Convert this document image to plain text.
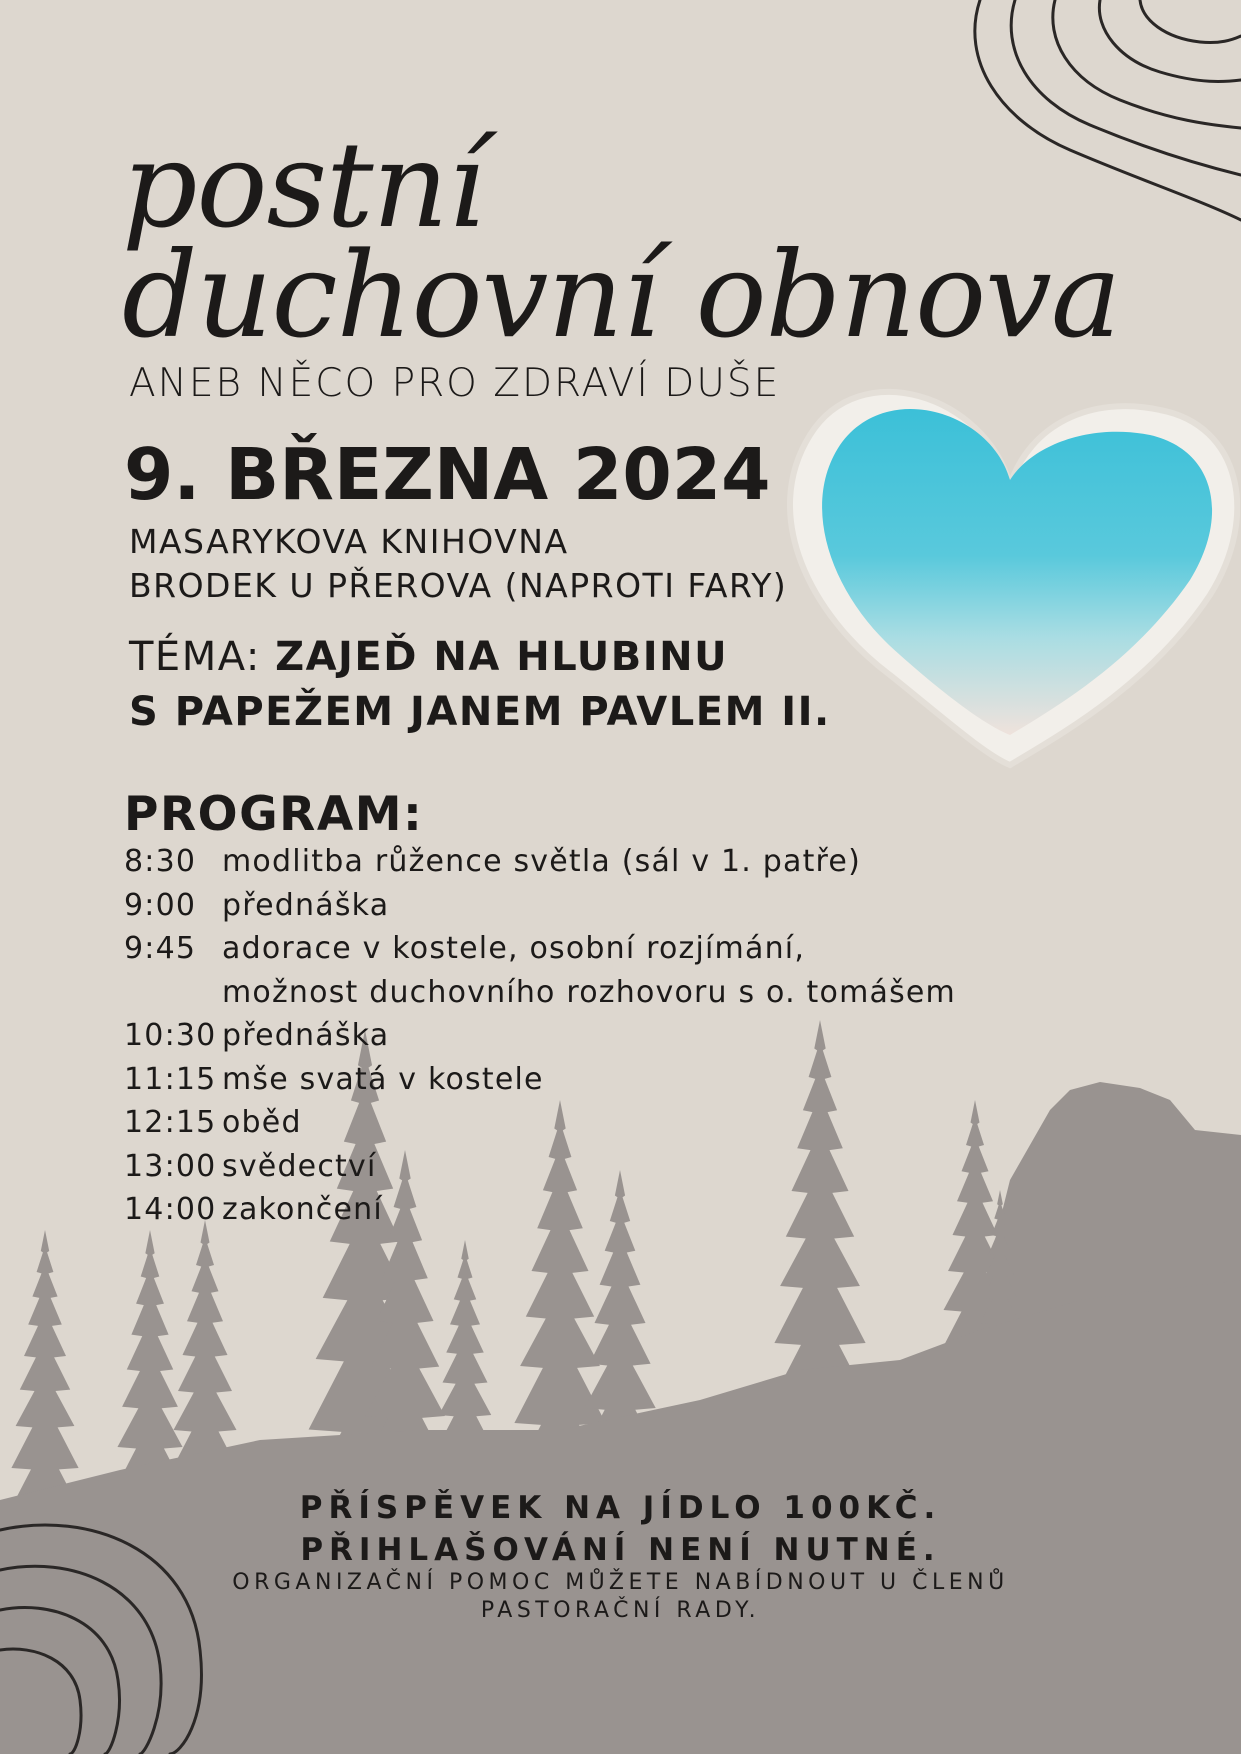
postní
duchovní obnova
ANEB NĚCO PRO ZDRAVÍ DUŠE
9. BŘEZNA 2024
MASARYKOVA KNIHOVNA
BRODEK U PŘEROVA (NAPROTI FARY)
TÉMA: ZAJEĎ NA HLUBINU
S PAPEŽEM JANEM PAVLEM II.
PROGRAM:
8:30 modlitba růžence světla (sál v 1. patře)
9:00 přednáška
9:45 adorace v kostele, osobní rozjímání,
možnost duchovního rozhovoru s o. tomášem
10:30 přednáška
11:15 mše svatá v kostele
12:15 oběd
13:00 svědectví
14:00 zakončení
PŘÍSPĚVEK NA JÍDLO 100KČ.
PŘIHLAŠOVÁNÍ NENÍ NUTNÉ.
ORGANIZAČNÍ POMOC MŮŽETE NABÍDNOUT U ČLENŮ
PASTORAČNÍ RADY.
